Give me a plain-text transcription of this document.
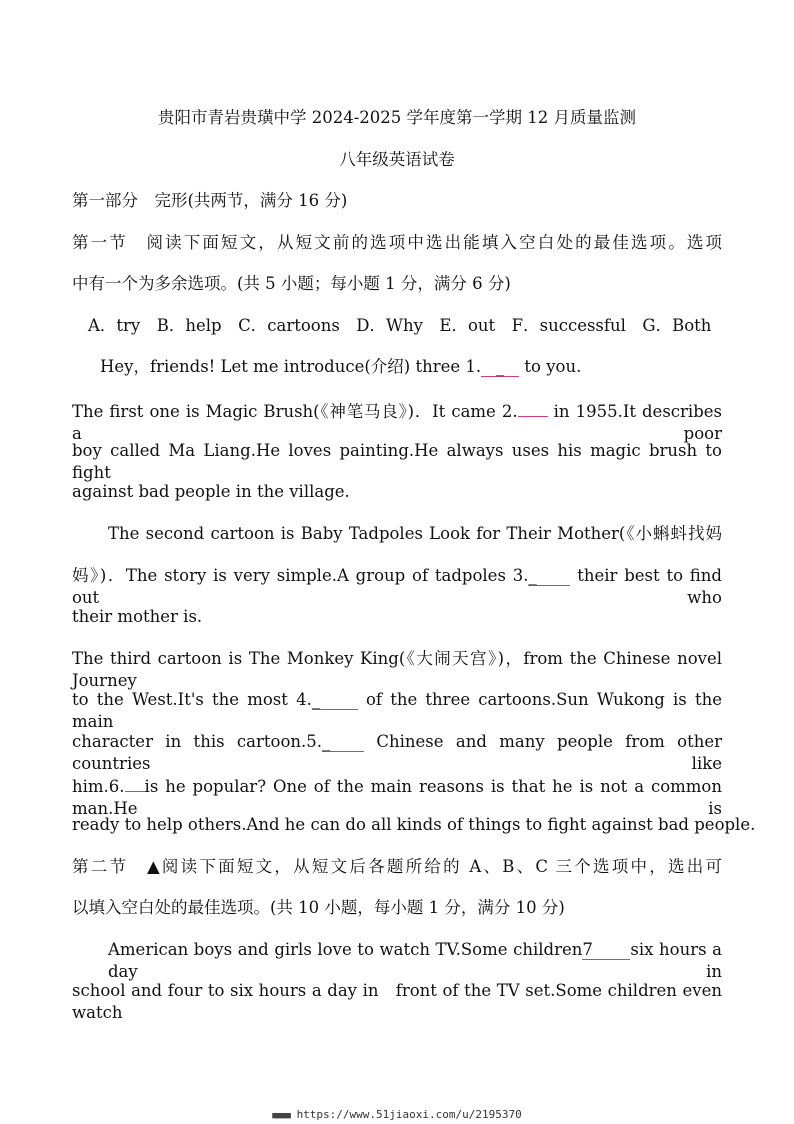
贵阳市青岩贵璜中学 2024-2025 学年度第一学期 12 月质量监测
八年级英语试卷
第一部分　完形(共两节，满分 16 分)
第一节　阅读下面短文，从短文前的选项中选出能填入空白处的最佳选项。选项
中有一个为多余选项。(共 5 小题；每小题 1 分，满分 6 分)
A．try　B．help　C．cartoons　D．Why　E．out　F．successful　G．Both
Hey，friends! Let me introduce(介绍) three 1. _ to you.
The first one is Magic Brush(《神笔马良》)．It came 2. in 1955.It describes a poor
boy called Ma Liang.He loves painting.He always uses his magic brush to fight
against bad people in the village.
The second cartoon is Baby Tadpoles Look for Their Mother(《小蝌蚪找妈
妈》)．The story is very simple.A group of tadpoles 3._ their best to find out who
their mother is.
The third cartoon is The Monkey King(《大闹天宫》)，from the Chinese novel Journey
to the West.It's the most 4._ of the three cartoons.Sun Wukong is the main
character in this cartoon.5._ Chinese and many people from other countries like
him.6. is he popular? One of the main reasons is that he is not a common man.He is
ready to help others.And he can do all kinds of things to fight against bad people.
第二节　▲阅读下面短文，从短文后各题所给的 A、B、C 三个选项中，选出可
以填入空白处的最佳选项。(共 10 小题，每小题 1 分，满分 10 分)
American boys and girls love to watch TV.Some children7 six hours a day in
school and four to six hours a day in　front of the TV set.Some children even watch
■■■■ https://www.51jiaoxi.com/u/2195370
